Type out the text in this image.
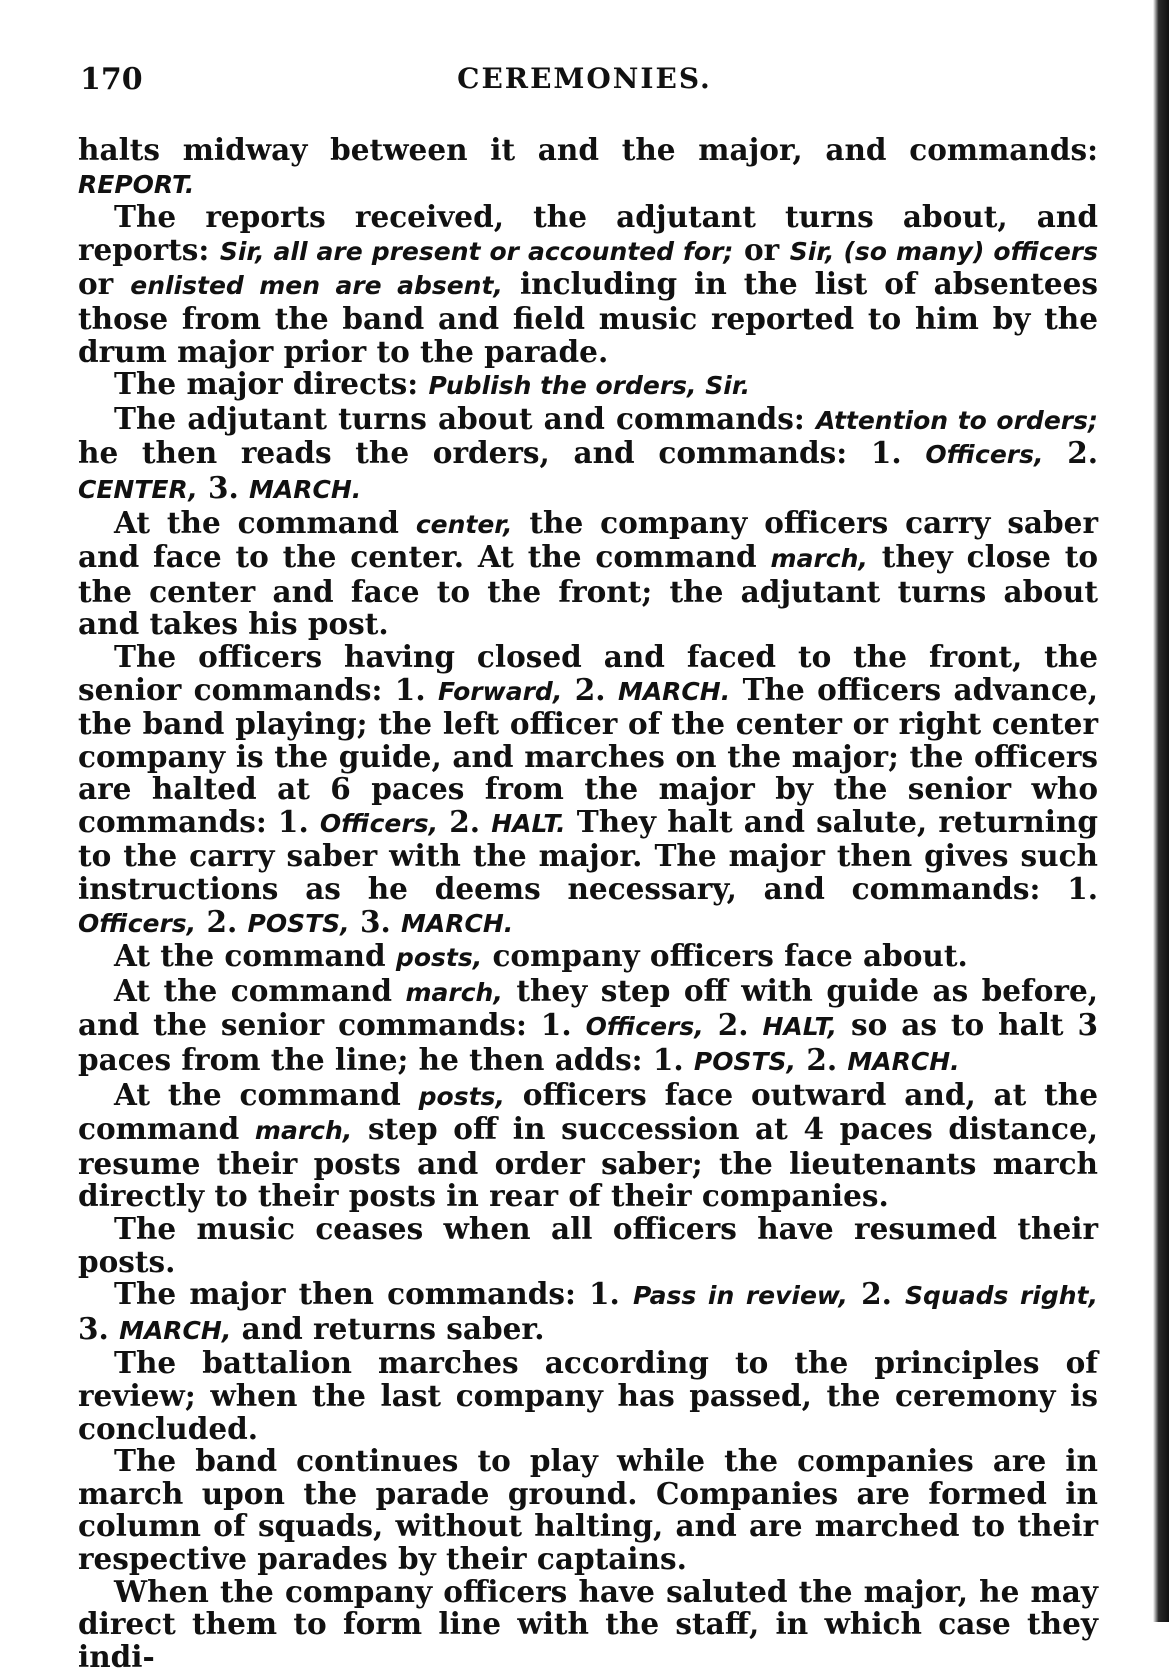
170	CEREMONIES.

halts midway between it and the major, and commands: REPORT.

The reports received, the adjutant turns about, and reports: Sir, all are present or accounted for; or Sir, (so many) officers or enlisted men are absent, including in the list of absentees those from the band and field music reported to him by the drum major prior to the parade.

The major directs: Publish the orders, Sir.

The adjutant turns about and commands: Attention to orders; he then reads the orders, and commands: 1. Officers, 2. CENTER, 3. MARCH.

At the command center, the company officers carry saber and face to the center. At the command march, they close to the center and face to the front; the adjutant turns about and takes his post.

The officers having closed and faced to the front, the senior commands: 1. Forward, 2. MARCH. The officers advance, the band playing; the left officer of the center or right center company is the guide, and marches on the major; the officers are halted at 6 paces from the major by the senior who commands: 1. Officers, 2. HALT. They halt and salute, returning to the carry saber with the major. The major then gives such instructions as he deems necessary, and commands: 1. Officers, 2. POSTS, 3. MARCH.

At the command posts, company officers face about.

At the command march, they step off with guide as before, and the senior commands: 1. Officers, 2. HALT, so as to halt 3 paces from the line; he then adds: 1. POSTS, 2. MARCH.

At the command posts, officers face outward and, at the command march, step off in succession at 4 paces distance, resume their posts and order saber; the lieutenants march directly to their posts in rear of their companies.

The music ceases when all officers have resumed their posts.

The major then commands: 1. Pass in review, 2. Squads right, 3. MARCH, and returns saber.

The battalion marches according to the principles of review; when the last company has passed, the ceremony is concluded.

The band continues to play while the companies are in march upon the parade ground. Companies are formed in column of squads, without halting, and are marched to their respective parades by their captains.

When the company officers have saluted the major, he may direct them to form line with the staff, in which case they indi-
